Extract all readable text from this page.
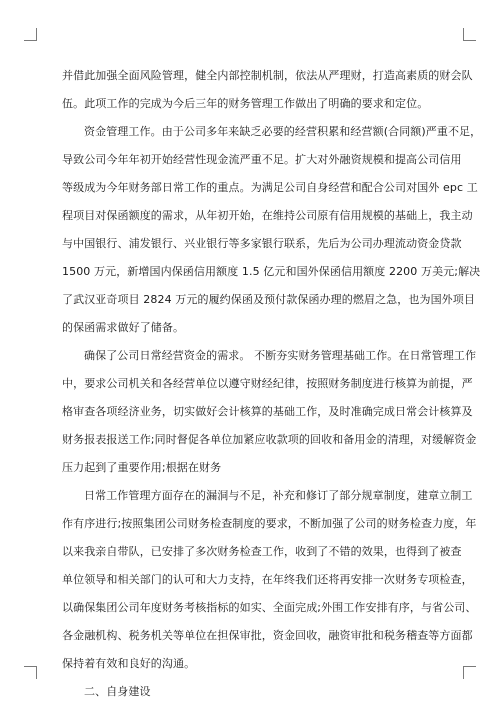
并借此加强全面风险管理，健全内部控制机制，依法从严理财，打造高素质的财会队
伍。此项工作的完成为今后三年的财务管理工作做出了明确的要求和定位。
资金管理工作。由于公司多年来缺乏必要的经营积累和经营额(合同额)严重不足，
导致公司今年年初开始经营性现金流严重不足。扩大对外融资规模和提高公司信用
等级成为今年财务部日常工作的重点。为满足公司自身经营和配合公司对国外 epc 工
程项目对保函额度的需求，从年初开始，在维持公司原有信用规模的基础上，我主动
与中国银行、浦发银行、兴业银行等多家银行联系，先后为公司办理流动资金贷款
1500 万元，新增国内保函信用额度 1.5 亿元和国外保函信用额度 2200 万美元;解决
了武汉亚奇项目 2824 万元的履约保函及预付款保函办理的燃眉之急，也为国外项目
的保函需求做好了储备。
确保了公司日常经营资金的需求。 不断夯实财务管理基础工作。在日常管理工作
中，要求公司机关和各经营单位以遵守财经纪律，按照财务制度进行核算为前提，严
格审查各项经济业务，切实做好会计核算的基础工作，及时准确完成日常会计核算及
财务报表报送工作;同时督促各单位加紧应收款项的回收和备用金的清理，对缓解资金
压力起到了重要作用;根据在财务
日常工作管理方面存在的漏洞与不足，补充和修订了部分规章制度，建章立制工
作有序进行;按照集团公司财务检查制度的要求，不断加强了公司的财务检查力度，年
以来我亲自带队，已安排了多次财务检查工作，收到了不错的效果，也得到了被查
单位领导和相关部门的认可和大力支持，在年终我们还将再安排一次财务专项检查，
以确保集团公司年度财务考核指标的如实、全面完成;外围工作安排有序，与省公司、
各金融机构、税务机关等单位在担保审批，资金回收，融资审批和税务稽查等方面都
保持着有效和良好的沟通。
二、自身建设
